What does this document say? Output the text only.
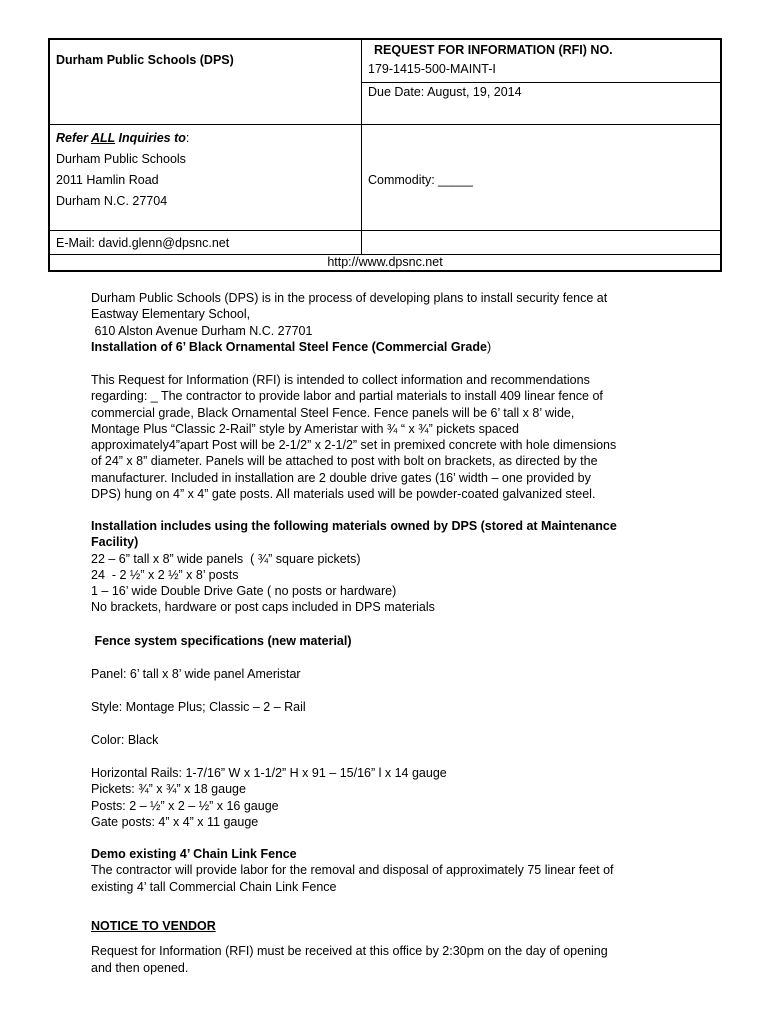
Durham Public Schools (DPS)
REQUEST FOR INFORMATION (RFI) NO.
179-1415-500-MAINT-I
Due Date: August, 19, 2014
Refer ALL Inquiries to:
Durham Public Schools
2011 Hamlin Road
Durham N.C. 27704
Commodity: _____
E-Mail: david.glenn@dpsnc.net
http://www.dpsnc.net

Durham Public Schools (DPS) is in the process of developing plans to install security fence at

Eastway Elementary School,

610 Alston Avenue Durham N.C. 27701

Installation of 6’ Black Ornamental Steel Fence (Commercial Grade)

This Request for Information (RFI) is intended to collect information and recommendations

regarding: _ The contractor to provide labor and partial materials to install 409 linear fence of

commercial grade, Black Ornamental Steel Fence. Fence panels will be 6’ tall x 8’ wide,

Montage Plus “Classic 2-Rail” style by Ameristar with ¾ “ x ¾” pickets spaced

approximately4”apart Post will be 2-1/2” x 2-1/2” set in premixed concrete with hole dimensions

of 24” x 8” diameter. Panels will be attached to post with bolt on brackets, as directed by the

manufacturer. Included in installation are 2 double drive gates (16’ width – one provided by

DPS) hung on 4” x 4” gate posts. All materials used will be powder-coated galvanized steel.

Installation includes using the following materials owned by DPS (stored at Maintenance

Facility)

22 – 6” tall x 8” wide panels  ( ¾” square pickets)

24  - 2 ½” x 2 ½” x 8’ posts

1 – 16’ wide Double Drive Gate ( no posts or hardware)

No brackets, hardware or post caps included in DPS materials

Fence system specifications (new material)

Panel: 6’ tall x 8’ wide panel Ameristar

Style: Montage Plus; Classic – 2 – Rail

Color: Black

Horizontal Rails: 1-7/16” W x 1-1/2” H x 91 – 15/16” l x 14 gauge

Pickets: ¾” x ¾” x 18 gauge

Posts: 2 – ½” x 2 – ½” x 16 gauge

Gate posts: 4” x 4” x 11 gauge

Demo existing 4’ Chain Link Fence

The contractor will provide labor for the removal and disposal of approximately 75 linear feet of

existing 4’ tall Commercial Chain Link Fence

NOTICE TO VENDOR

Request for Information (RFI) must be received at this office by 2:30pm on the day of opening

and then opened.
